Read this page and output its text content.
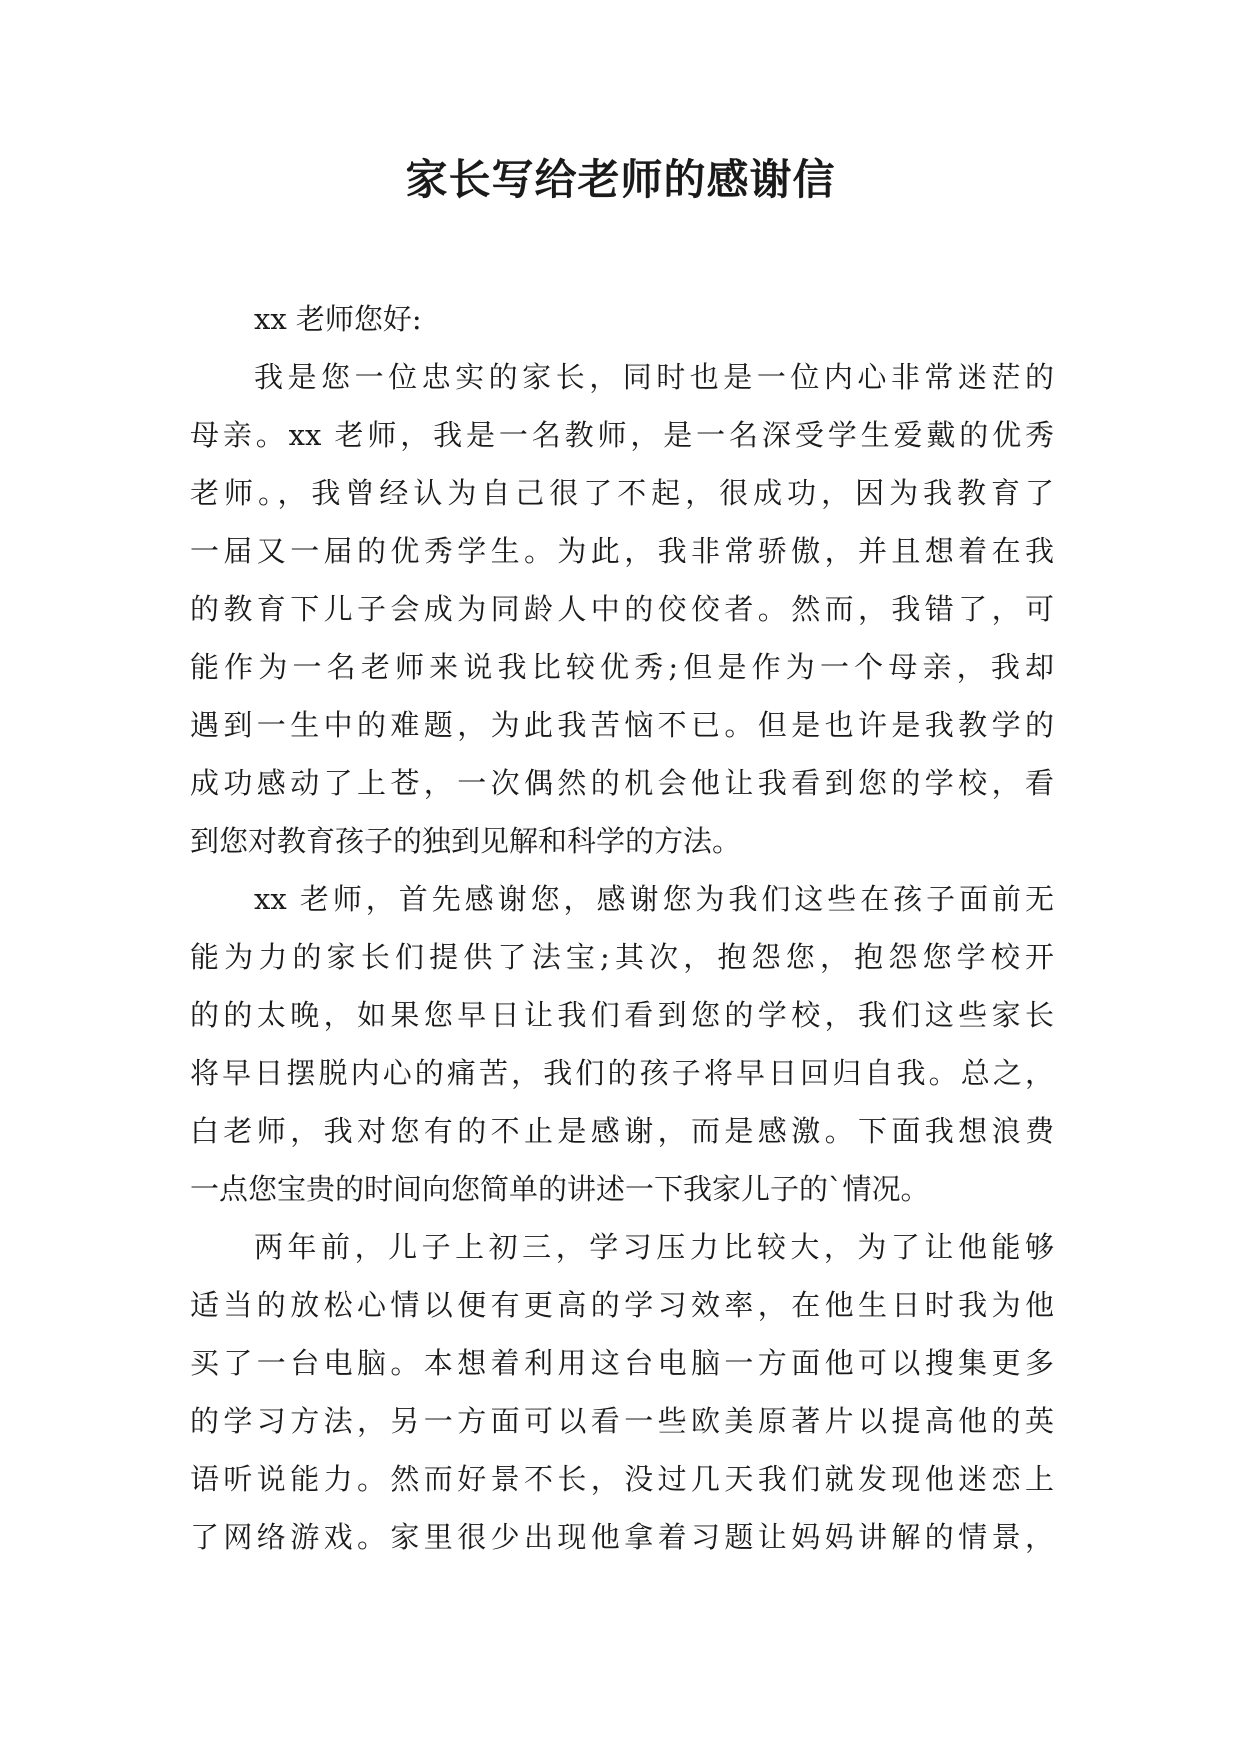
家长写给老师的感谢信
xx 老师您好:
我是您一位忠实的家长，同时也是一位内心非常迷茫的
母亲。xx 老师，我是一名教师，是一名深受学生爱戴的优秀
老师。，我曾经认为自己很了不起，很成功，因为我教育了
一届又一届的优秀学生。为此，我非常骄傲，并且想着在我
的教育下儿子会成为同龄人中的佼佼者。然而，我错了，可
能作为一名老师来说我比较优秀;但是作为一个母亲，我却
遇到一生中的难题，为此我苦恼不已。但是也许是我教学的
成功感动了上苍，一次偶然的机会他让我看到您的学校，看
到您对教育孩子的独到见解和科学的方法。
xx 老师，首先感谢您，感谢您为我们这些在孩子面前无
能为力的家长们提供了法宝;其次，抱怨您，抱怨您学校开
的的太晚，如果您早日让我们看到您的学校，我们这些家长
将早日摆脱内心的痛苦，我们的孩子将早日回归自我。总之，
白老师，我对您有的不止是感谢，而是感激。下面我想浪费
一点您宝贵的时间向您简单的讲述一下我家儿子的`情况。
两年前，儿子上初三，学习压力比较大，为了让他能够
适当的放松心情以便有更高的学习效率，在他生日时我为他
买了一台电脑。本想着利用这台电脑一方面他可以搜集更多
的学习方法，另一方面可以看一些欧美原著片以提高他的英
语听说能力。然而好景不长，没过几天我们就发现他迷恋上
了网络游戏。家里很少出现他拿着习题让妈妈讲解的情景，
